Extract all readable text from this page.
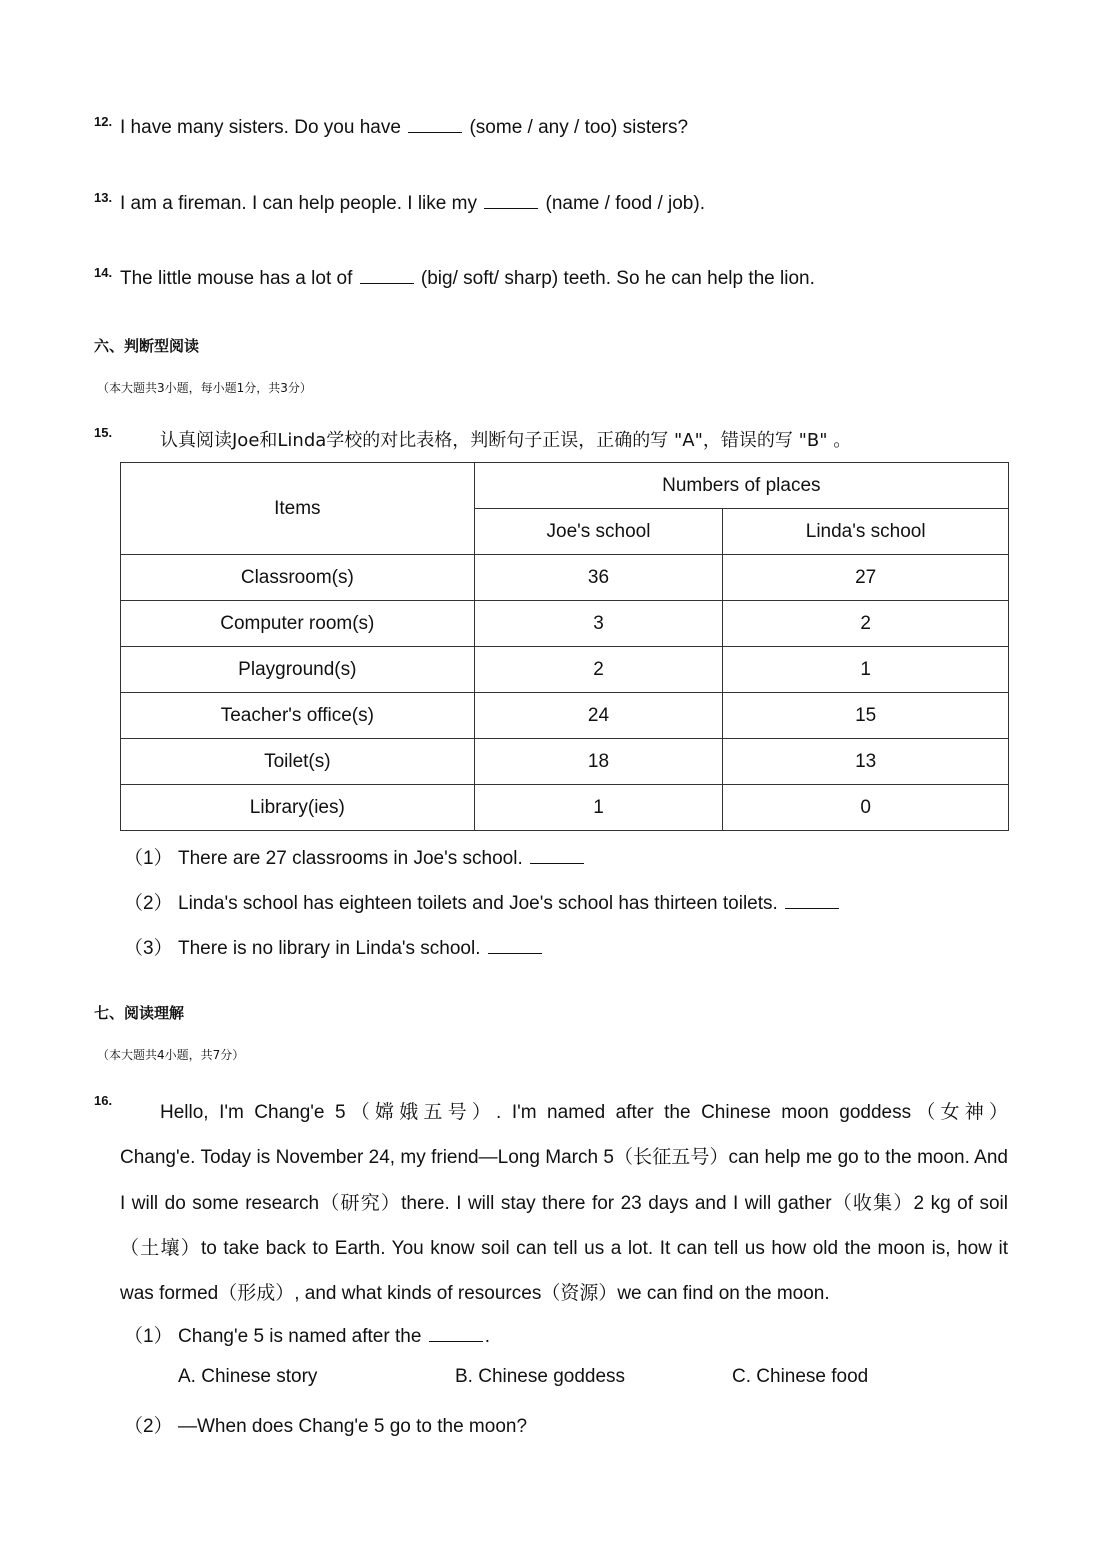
12. I have many sisters. Do you have	(some / any / too) sisters?
13. I am a fireman. I can help people. I like my	(name / food / job).
14. The little mouse has a lot of	(big/ soft/ sharp) teeth. So he can help the lion.
六、判断型阅读
（本大题共3小题，每小题1分，共3分）
15.	认真阅读Joe和Linda学校的对比表格，判断句子正误，正确的写 "A"，错误的写 "B" 。
Items	Numbers of places	
	Joe's school	Linda's school
Classroom(s)	36	27
Computer room(s)	3	2
Playground(s)	2	1
Teacher's office(s)	24	15
Toilet(s)	18	13
Library(ies)	1	0
（1） There are 27 classrooms in Joe's school.
（2） Linda's school has eighteen toilets and Joe's school has thirteen toilets.
（3） There is no library in Linda's school.
七、阅读理解
（本大题共4小题，共7分）
16.

Hello, I'm Chang'e 5（嫦娥五号）. I'm named after the Chinese moon goddess（女神）

Chang'e. Today is November 24, my friend—Long March 5（长征五号）can help me go to the moon. And I will do some research（研究）there. I will stay there for 23 days and I will gather（收集）2 kg of soil（土壤）to take back to Earth. You know soil can tell us a lot. It can tell us how old the moon is, how it was formed（形成）, and what kinds of resources（资源）we can find on the moon.

（1） Chang'e 5 is named after the	.
A. Chinese story	B. Chinese goddess	C. Chinese food
（2） —When does Chang'e 5 go to the moon?
